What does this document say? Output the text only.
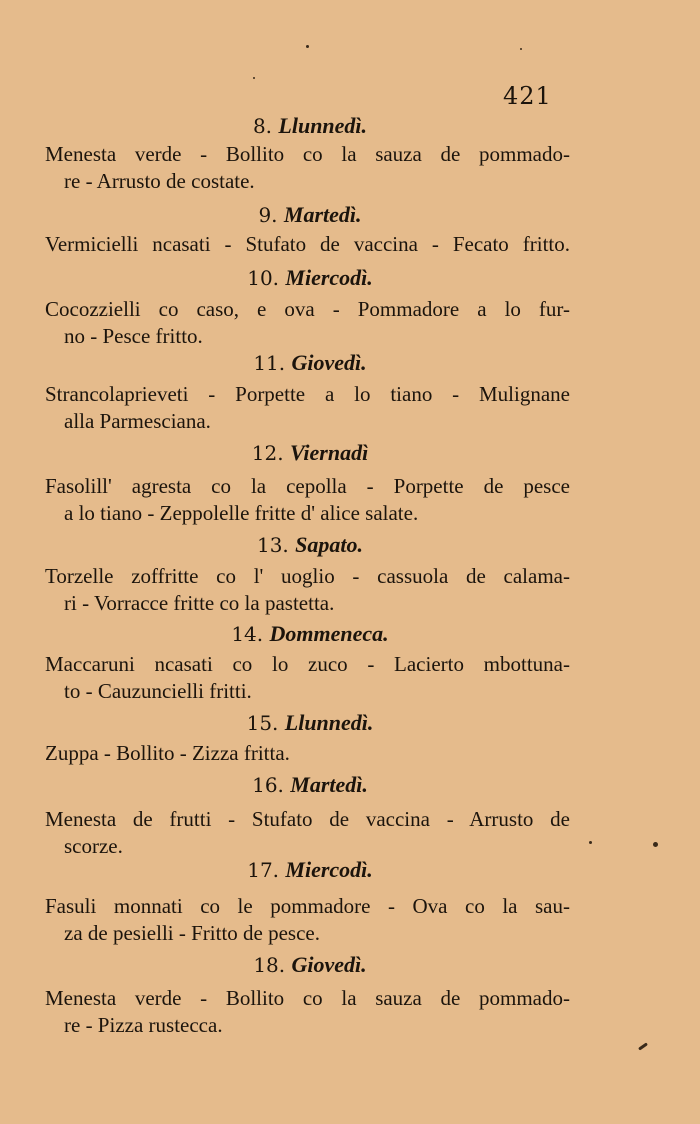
421
8. Llunnedì.
Menesta verde - Bollito co la sauza de pommado-
re - Arrusto de costate.
9. Martedì.
Vermicielli ncasati - Stufato de vaccina - Fecato fritto.
10. Miercodì.
Cocozzielli co caso, e ova - Pommadore a lo fur-
no - Pesce fritto.
11. Giovedì.
Strancolaprieveti - Porpette a lo tiano - Mulignane
alla Parmesciana.
12. Viernadì
Fasolill' agresta co la cepolla - Porpette de pesce
a lo tiano - Zeppolelle fritte d' alice salate.
13. Sapato.
Torzelle zoffritte co l' uoglio - cassuola de calama-
ri - Vorracce fritte co la pastetta.
14. Dommeneca.
Maccaruni ncasati co lo zuco - Lacierto mbottuna-
to - Cauzuncielli fritti.
15. Llunnedì.
Zuppa - Bollito - Zizza fritta.
16. Martedì.
Menesta de frutti - Stufato de vaccina - Arrusto de
scorze.
17. Miercodì.
Fasuli monnati co le pommadore - Ova co la sau-
za de pesielli - Fritto de pesce.
18. Giovedì.
Menesta verde - Bollito co la sauza de pommado-
re - Pizza rustecca.
